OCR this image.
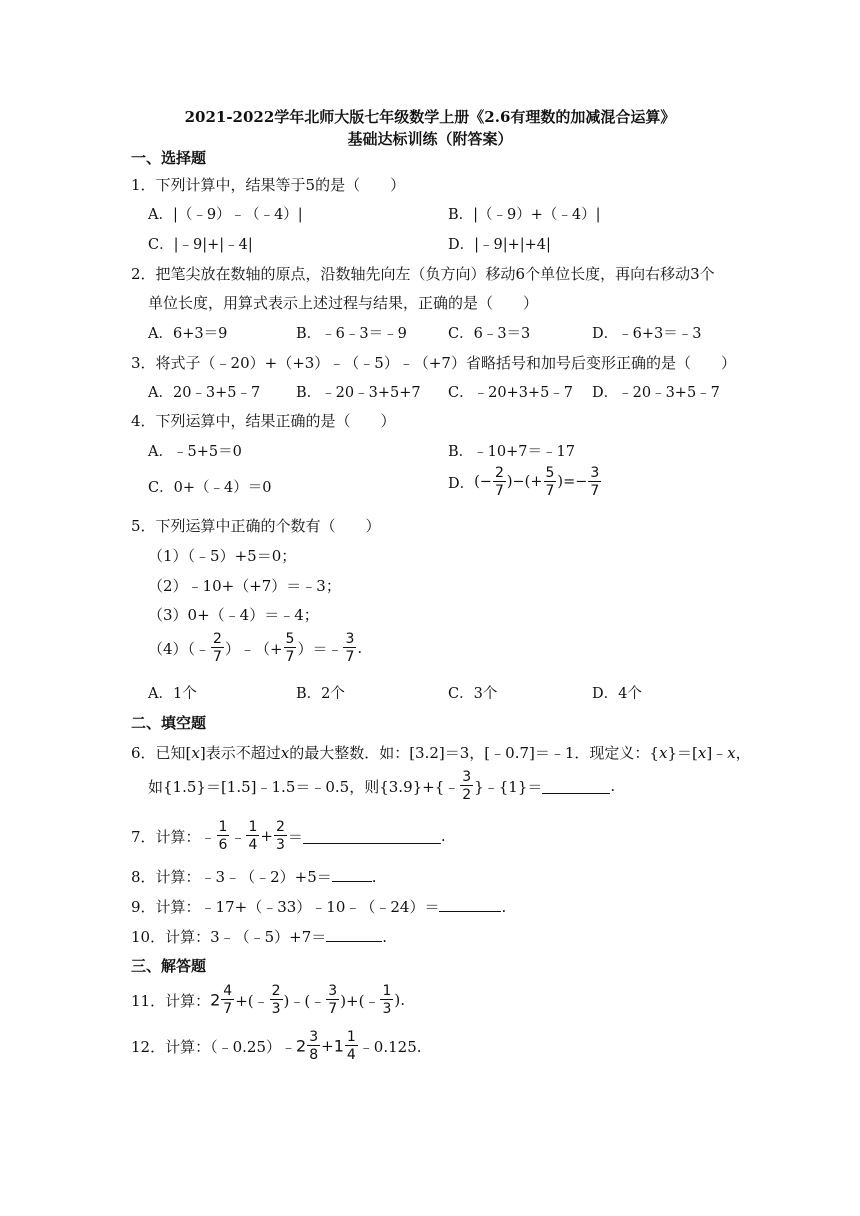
2021-2022学年北师大版七年级数学上册《2.6有理数的加减混合运算》
基础达标训练（附答案）
一、选择题
1．下列计算中，结果等于5的是（　　）
A．|（﹣9）﹣（﹣4）|	B．|（﹣9）+（﹣4）|
C．|﹣9|+|﹣4|	D．|﹣9|+|+4|
2．把笔尖放在数轴的原点，沿数轴先向左（负方向）移动6个单位长度，再向右移动3个
单位长度，用算式表示上述过程与结果，正确的是（　　）
A．6+3＝9	B．﹣6﹣3＝﹣9	C．6﹣3＝3	D．﹣6+3＝﹣3
3．将式子（﹣20）+（+3）﹣（﹣5）﹣（+7）省略括号和加号后变形正确的是（　　）
A．20﹣3+5﹣7 B．﹣20﹣3+5+7 C．﹣20+3+5﹣7 D．﹣20﹣3+5﹣7
4．下列运算中，结果正确的是（　　）
A．﹣5+5＝0	B．﹣10+7＝﹣17
C．0+（﹣4）＝0	D．(− $\frac{2}{7}$ )−(+ $\frac{5}{7}$ )=− $\frac{3}{7}$
5．下列运算中正确的个数有（　　）
（1）（﹣5）+5＝0；
（2）﹣10+（+7）＝﹣3；
（3）0+（﹣4）＝﹣4；
（4）（﹣ $\frac{2}{7}$ ）﹣（+ $\frac{5}{7}$ ）＝﹣ $\frac{3}{7}$ .
A．1个	B．2个	C．3个	D．4个
二、填空题
6．已知[x]表示不超过x的最大整数．如：[3.2]＝3，[﹣0.7]＝﹣1．现定义：{x}＝[x]﹣x，
如{1.5}＝[1.5]﹣1.5＝﹣0.5，则{3.9}+{﹣ $\frac{3}{2}$ }﹣{1}＝	.
7．计算：﹣ $\frac{1}{6}$ ﹣ $\frac{1}{4} + \frac{2}{3}$ ＝	.
8．计算：﹣3﹣（﹣2）+5＝	.
9．计算：﹣17+（﹣33）﹣10﹣（﹣24）＝	.
10．计算：3﹣（﹣5）+7＝	.
三、解答题
11．计算：$2 \frac{4}{7}$ +(﹣ $\frac{2}{3}$ )﹣(﹣ $\frac{3}{7}$ )+(﹣ $\frac{1}{3}$ ).
12．计算：（﹣0.25）﹣2 $\frac{3}{8} +1 \frac{1}{4}$ ﹣0.125.
